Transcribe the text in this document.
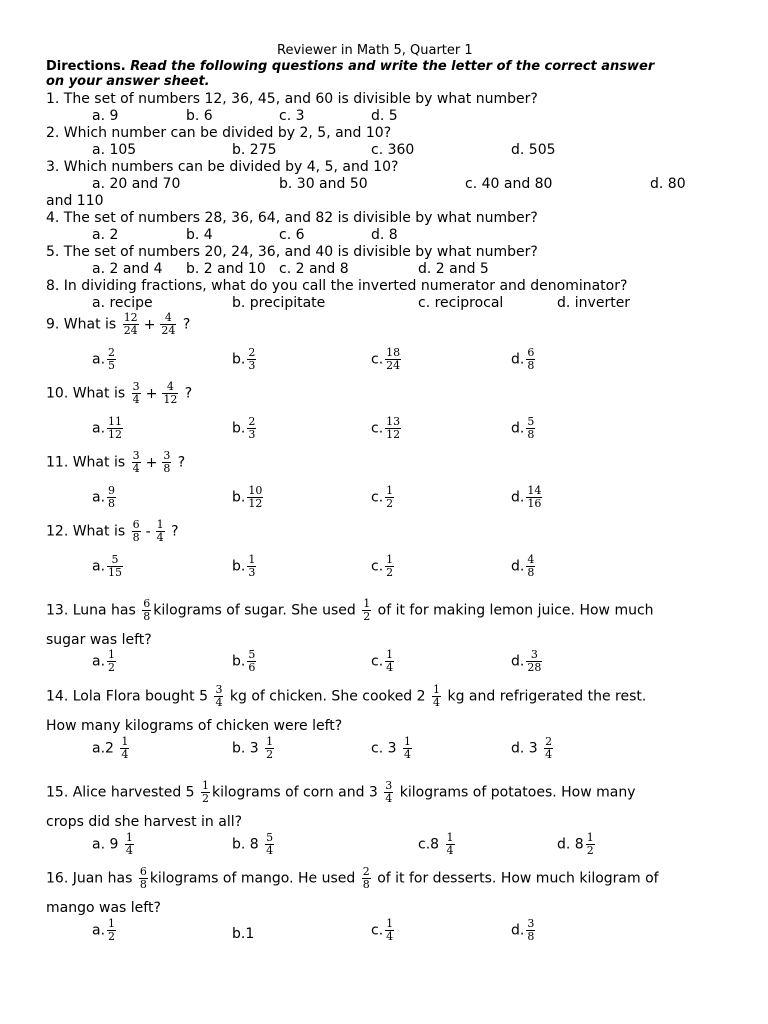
Reviewer in Math 5, Quarter 1
Directions. Read the following questions and write the letter of the correct answer
on your answer sheet.
1. The set of numbers 12, 36, 45, and 60 is divisible by what number?
a. 9	b. 6	c. 3	d. 5
2. Which number can be divided by 2, 5, and 10?
a. 105	b. 275	c. 360	d. 505
3. Which numbers can be divided by 4, 5, and 10?
a. 20 and 70	b. 30 and 50	c. 40 and 80	d. 80
and 110
4. The set of numbers 28, 36, 64, and 82 is divisible by what number?
a. 2	b. 4	c. 6	d. 8
5. The set of numbers 20, 24, 36, and 40 is divisible by what number?
a. 2 and 4 b. 2 and 10 c. 2 and 8	d. 2 and 5
8. In dividing fractions, what do you call the inverted numerator and denominator?
a. recipe	b. precipitate	c. reciprocal	d. inverter
9. What is $\frac{12}{24} + \frac{4}{24}$ ?
a. $\frac{2}{5}$	b. $\frac{2}{3}$	c. $\frac{18}{24}$	d. $\frac{6}{8}$
10. What is $\frac{3}{4} + \frac{4}{12}$ ?
a. $\frac{11}{12}$	b. $\frac{2}{3}$	c. $\frac{13}{12}$	d. $\frac{5}{8}$
11. What is $\frac{3}{4} + \frac{3}{8}$ ?
a. $\frac{9}{8}$	b. $\frac{10}{12}$	c. $\frac{1}{2}$	d. $\frac{14}{16}$
12. What is $\frac{6}{8} - \frac{1}{4}$ ?
a. $\frac{5}{15}$	b. $\frac{1}{3}$	c. $\frac{1}{2}$	d. $\frac{4}{8}$
13. Luna has $\frac{6}{8}$ kilograms of sugar. She used $\frac{1}{2}$ of it for making lemon juice. How much
sugar was left?
a. $\frac{1}{2}$	b. $\frac{5}{6}$	c. $\frac{1}{4}$	d. $\frac{3}{28}$
14. Lola Flora bought $5 \frac{3}{4}$ kg of chicken. She cooked $2 \frac{1}{4}$ kg and refrigerated the rest.
How many kilograms of chicken were left?
$a.2 \frac{1}{4}$	b. $3 \frac{1}{2}$	c. $3 \frac{1}{4}$	d. $3 \frac{2}{4}$
15. Alice harvested $5 \frac{1}{2}$ kilograms of corn and $3 \frac{3}{4}$ kilograms of potatoes. How many
crops did she harvest in all?
a. $9 \frac{1}{4}$	b. $8 \frac{5}{4}$	$c.8 \frac{1}{4}$	d. $8 \frac{1}{2}$
16. Juan has $\frac{6}{8}$ kilograms of mango. He used $\frac{2}{8}$ of it for desserts. How much kilogram of
mango was left?
a. $\frac{1}{2}$	b.1	c. $\frac{1}{4}$	d. $\frac{3}{8}$
